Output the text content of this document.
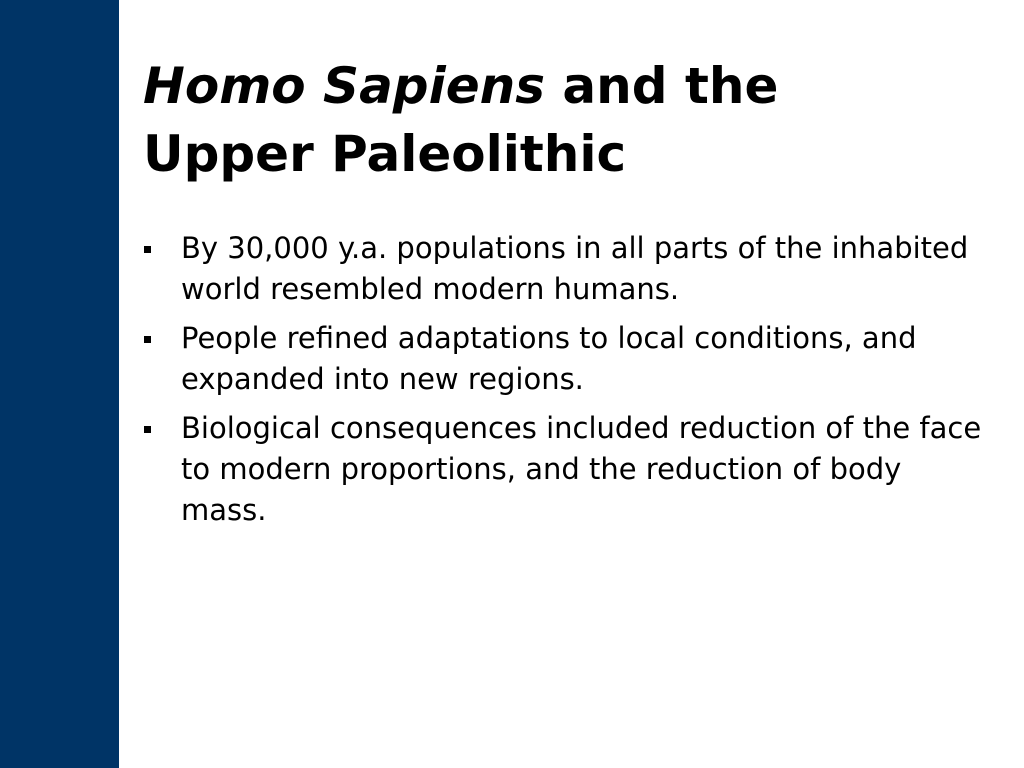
Homo Sapiens and the
Upper Paleolithic
By 30,000 y.a. populations in all parts of the inhabited world resembled modern humans.
People refined adaptations to local conditions, and expanded into new regions.
Biological consequences included reduction of the face to modern proportions, and the reduction of body mass.
